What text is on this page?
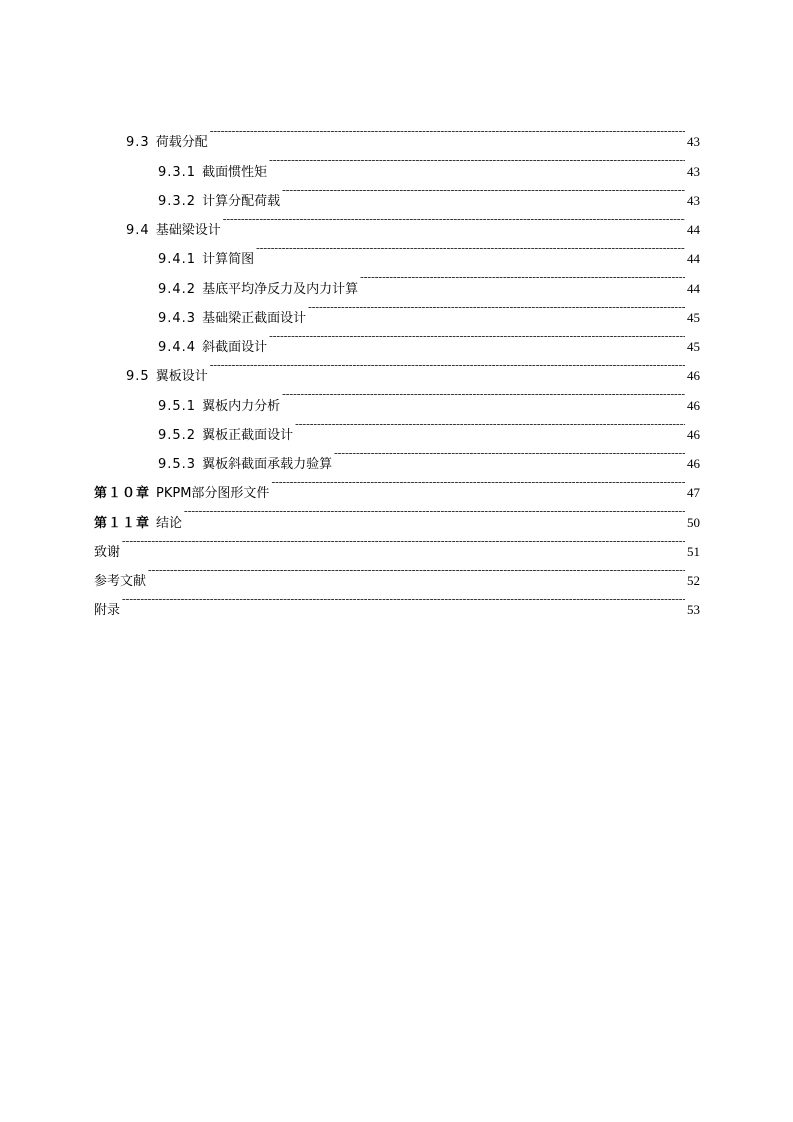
9.3 荷载分配 -----	43
9.3.1 截面惯性矩 -----	43
9.3.2 计算分配荷载 -----	43
9.4 基础梁设计 -----	44
9.4.1 计算简图 -----	44
9.4.2 基底平均净反力及内力计算 -----	44
9.4.3 基础梁正截面设计 -----	45
9.4.4 斜截面设计 -----	45
9.5 翼板设计 -----	46
9.5.1 翼板内力分析 -----	46
9.5.2 翼板正截面设计 -----	46
9.5.3 翼板斜截面承载力验算 -----	46
第１０章 PKPM部分图形文件 -----	47
第１１章 结论 -----	50
致谢 -----	51
参考文献 -----	52
附录 -----	53
